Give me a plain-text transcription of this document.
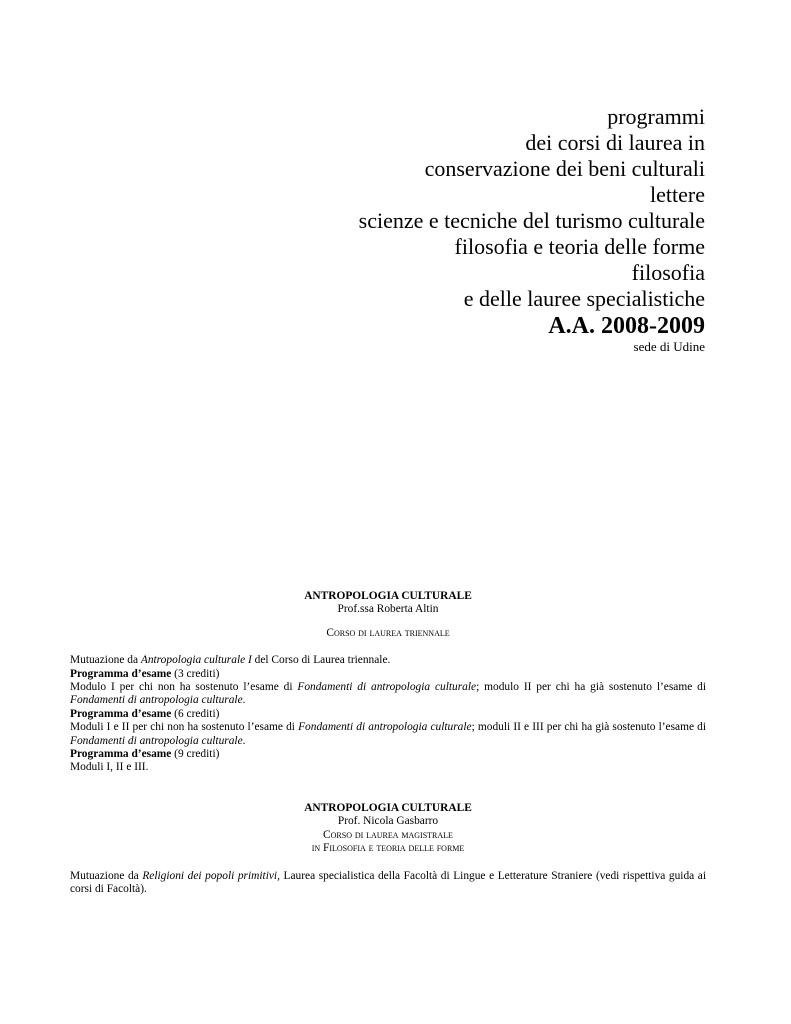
programmi
dei corsi di laurea in
conservazione dei beni culturali
lettere
scienze e tecniche del turismo culturale
filosofia e teoria delle forme
filosofia
e delle lauree specialistiche
A.A. 2008-2009
sede di Udine
ANTROPOLOGIA CULTURALE
Prof.ssa Roberta Altin
Corso di laurea triennale
Mutuazione da Antropologia culturale I del Corso di Laurea triennale.
Programma d’esame (3 crediti)
Modulo I per chi non ha sostenuto l’esame di Fondamenti di antropologia culturale; modulo II per chi ha già sostenuto l’esame di Fondamenti di antropologia culturale.
Programma d’esame (6 crediti)
Moduli I e II per chi non ha sostenuto l’esame di Fondamenti di antropologia culturale; moduli II e III per chi ha già sostenuto l’esame di Fondamenti di antropologia culturale.
Programma d’esame (9 crediti)
Moduli I, II e III.
ANTROPOLOGIA CULTURALE
Prof. Nicola Gasbarro
Corso di laurea magistrale
in Filosofia e teoria delle forme
Mutuazione da Religioni dei popoli primitivi, Laurea specialistica della Facoltà di Lingue e Letterature Straniere (vedi rispettiva guida ai corsi di Facoltà).
